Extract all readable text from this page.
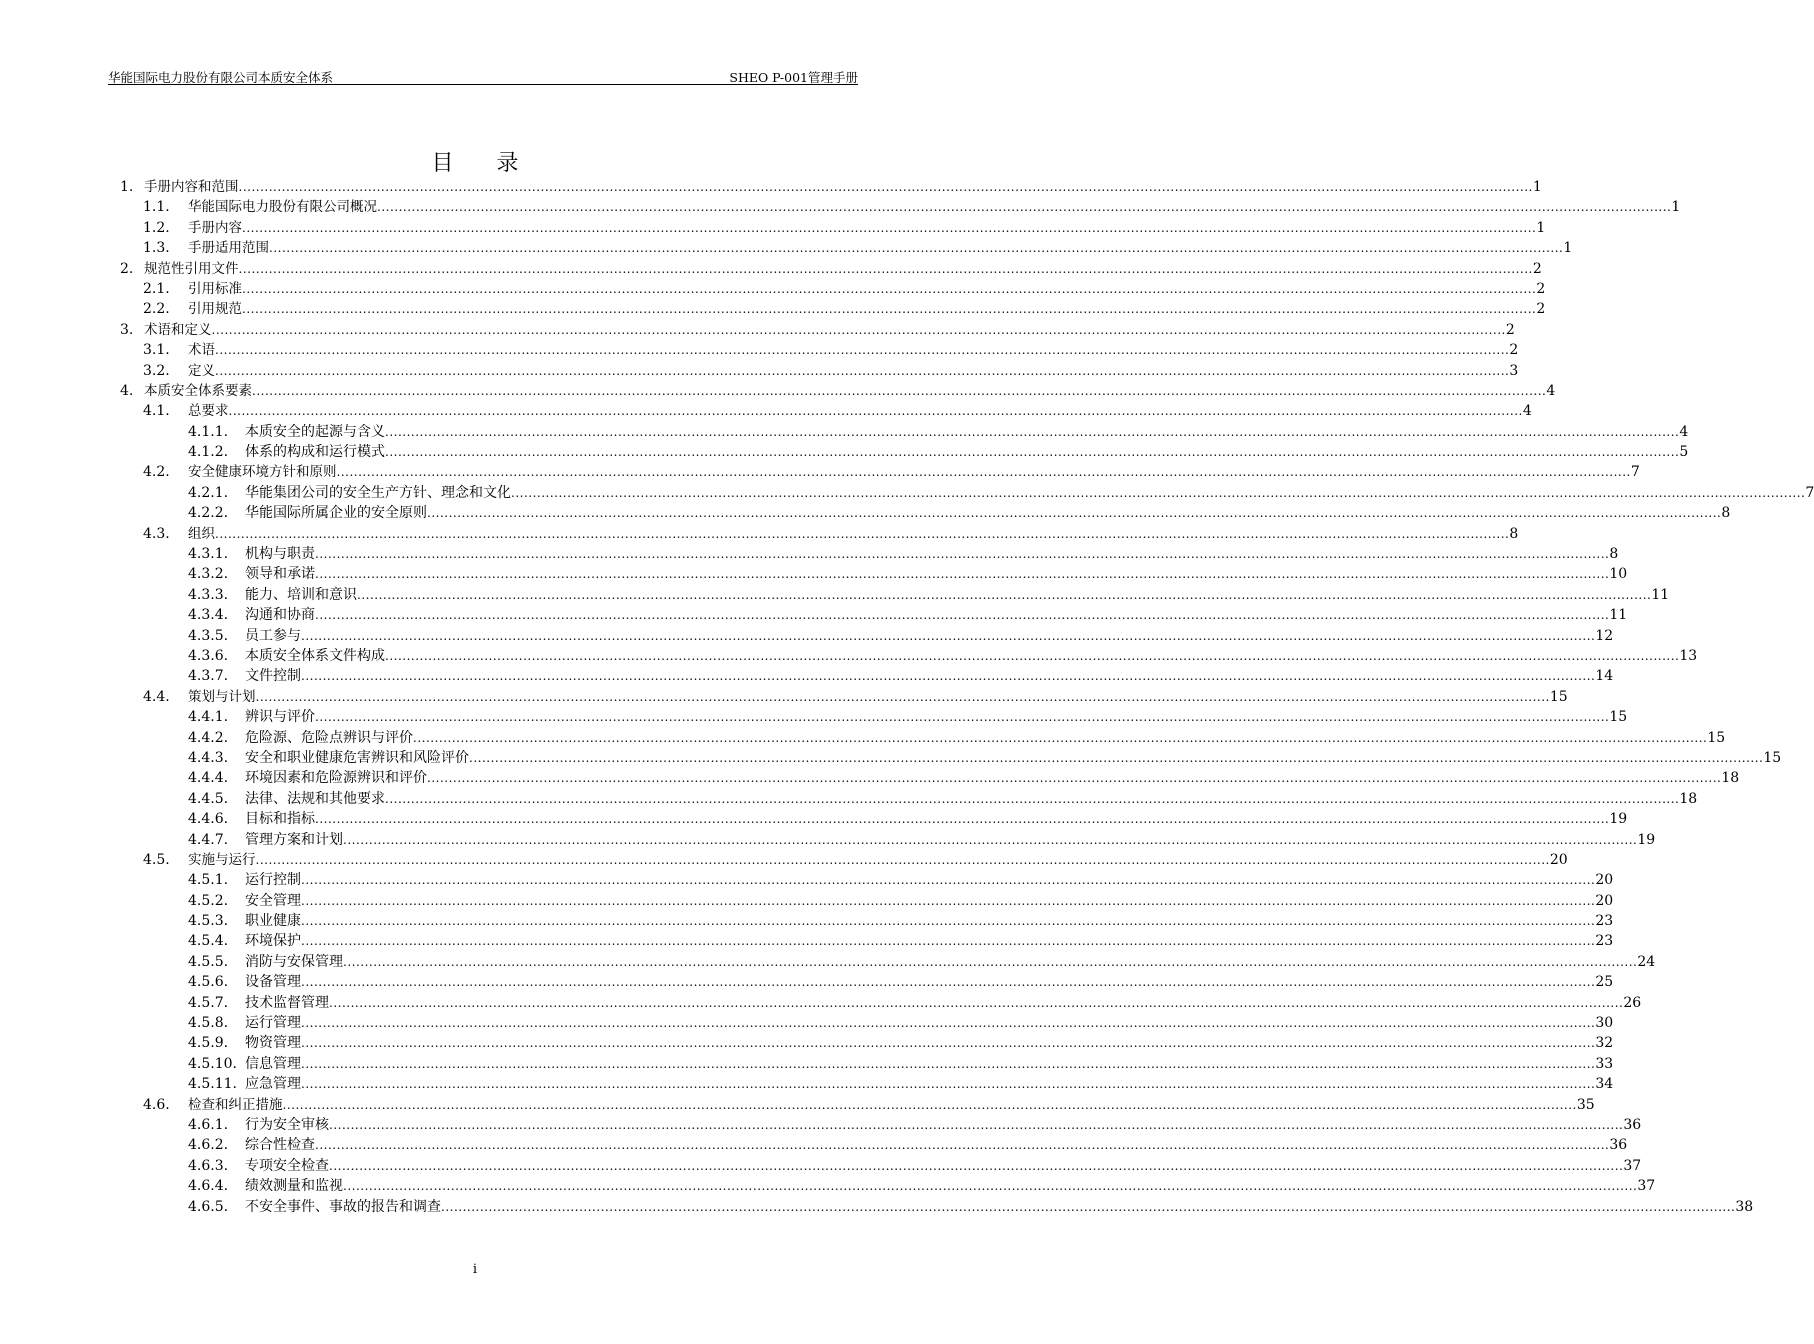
华能国际电力股份有限公司本质安全体系	SHEO P-001管理手册
目 录
1. 手册内容和范围 ............................................................................................................................................................................................................................................................................................................ 1
1.1. 华能国际电力股份有限公司概况 ............................................................................................................................................................................................................................................................................................................ 1
1.2. 手册内容 ............................................................................................................................................................................................................................................................................................................ 1
1.3. 手册适用范围 ............................................................................................................................................................................................................................................................................................................ 1
2. 规范性引用文件 ............................................................................................................................................................................................................................................................................................................ 2
2.1. 引用标准 ............................................................................................................................................................................................................................................................................................................ 2
2.2. 引用规范 ............................................................................................................................................................................................................................................................................................................ 2
3. 术语和定义 ............................................................................................................................................................................................................................................................................................................ 2
3.1. 术语 ............................................................................................................................................................................................................................................................................................................ 2
3.2. 定义 ............................................................................................................................................................................................................................................................................................................ 3
4. 本质安全体系要素 ............................................................................................................................................................................................................................................................................................................ 4
4.1. 总要求 ............................................................................................................................................................................................................................................................................................................ 4
4.1.1. 本质安全的起源与含义 ............................................................................................................................................................................................................................................................................................................ 4
4.1.2. 体系的构成和运行模式 ............................................................................................................................................................................................................................................................................................................ 5
4.2. 安全健康环境方针和原则 ............................................................................................................................................................................................................................................................................................................ 7
4.2.1. 华能集团公司的安全生产方针、理念和文化 ............................................................................................................................................................................................................................................................................................................ 7
4.2.2. 华能国际所属企业的安全原则 ............................................................................................................................................................................................................................................................................................................ 8
4.3. 组织 ............................................................................................................................................................................................................................................................................................................ 8
4.3.1. 机构与职责 ............................................................................................................................................................................................................................................................................................................ 8
4.3.2. 领导和承诺 ............................................................................................................................................................................................................................................................................................................ 10
4.3.3. 能力、培训和意识 ............................................................................................................................................................................................................................................................................................................ 11
4.3.4. 沟通和协商 ............................................................................................................................................................................................................................................................................................................ 11
4.3.5. 员工参与 ............................................................................................................................................................................................................................................................................................................ 12
4.3.6. 本质安全体系文件构成 ............................................................................................................................................................................................................................................................................................................ 13
4.3.7. 文件控制 ............................................................................................................................................................................................................................................................................................................ 14
4.4. 策划与计划 ............................................................................................................................................................................................................................................................................................................ 15
4.4.1. 辨识与评价 ............................................................................................................................................................................................................................................................................................................ 15
4.4.2. 危险源、危险点辨识与评价 ............................................................................................................................................................................................................................................................................................................ 15
4.4.3. 安全和职业健康危害辨识和风险评价 ............................................................................................................................................................................................................................................................................................................ 15
4.4.4. 环境因素和危险源辨识和评价 ............................................................................................................................................................................................................................................................................................................ 18
4.4.5. 法律、法规和其他要求 ............................................................................................................................................................................................................................................................................................................ 18
4.4.6. 目标和指标 ............................................................................................................................................................................................................................................................................................................ 19
4.4.7. 管理方案和计划 ............................................................................................................................................................................................................................................................................................................ 19
4.5. 实施与运行 ............................................................................................................................................................................................................................................................................................................ 20
4.5.1. 运行控制 ............................................................................................................................................................................................................................................................................................................ 20
4.5.2. 安全管理 ............................................................................................................................................................................................................................................................................................................ 20
4.5.3. 职业健康 ............................................................................................................................................................................................................................................................................................................ 23
4.5.4. 环境保护 ............................................................................................................................................................................................................................................................................................................ 23
4.5.5. 消防与安保管理 ............................................................................................................................................................................................................................................................................................................ 24
4.5.6. 设备管理 ............................................................................................................................................................................................................................................................................................................ 25
4.5.7. 技术监督管理 ............................................................................................................................................................................................................................................................................................................ 26
4.5.8. 运行管理 ............................................................................................................................................................................................................................................................................................................ 30
4.5.9. 物资管理 ............................................................................................................................................................................................................................................................................................................ 32
4.5.10. 信息管理 ............................................................................................................................................................................................................................................................................................................ 33
4.5.11. 应急管理 ............................................................................................................................................................................................................................................................................................................ 34
4.6. 检查和纠正措施 ............................................................................................................................................................................................................................................................................................................ 35
4.6.1. 行为安全审核 ............................................................................................................................................................................................................................................................................................................ 36
4.6.2. 综合性检查 ............................................................................................................................................................................................................................................................................................................ 36
4.6.3. 专项安全检查 ............................................................................................................................................................................................................................................................................................................ 37
4.6.4. 绩效测量和监视 ............................................................................................................................................................................................................................................................................................................ 37
4.6.5. 不安全事件、事故的报告和调查 ............................................................................................................................................................................................................................................................................................................ 38
i
